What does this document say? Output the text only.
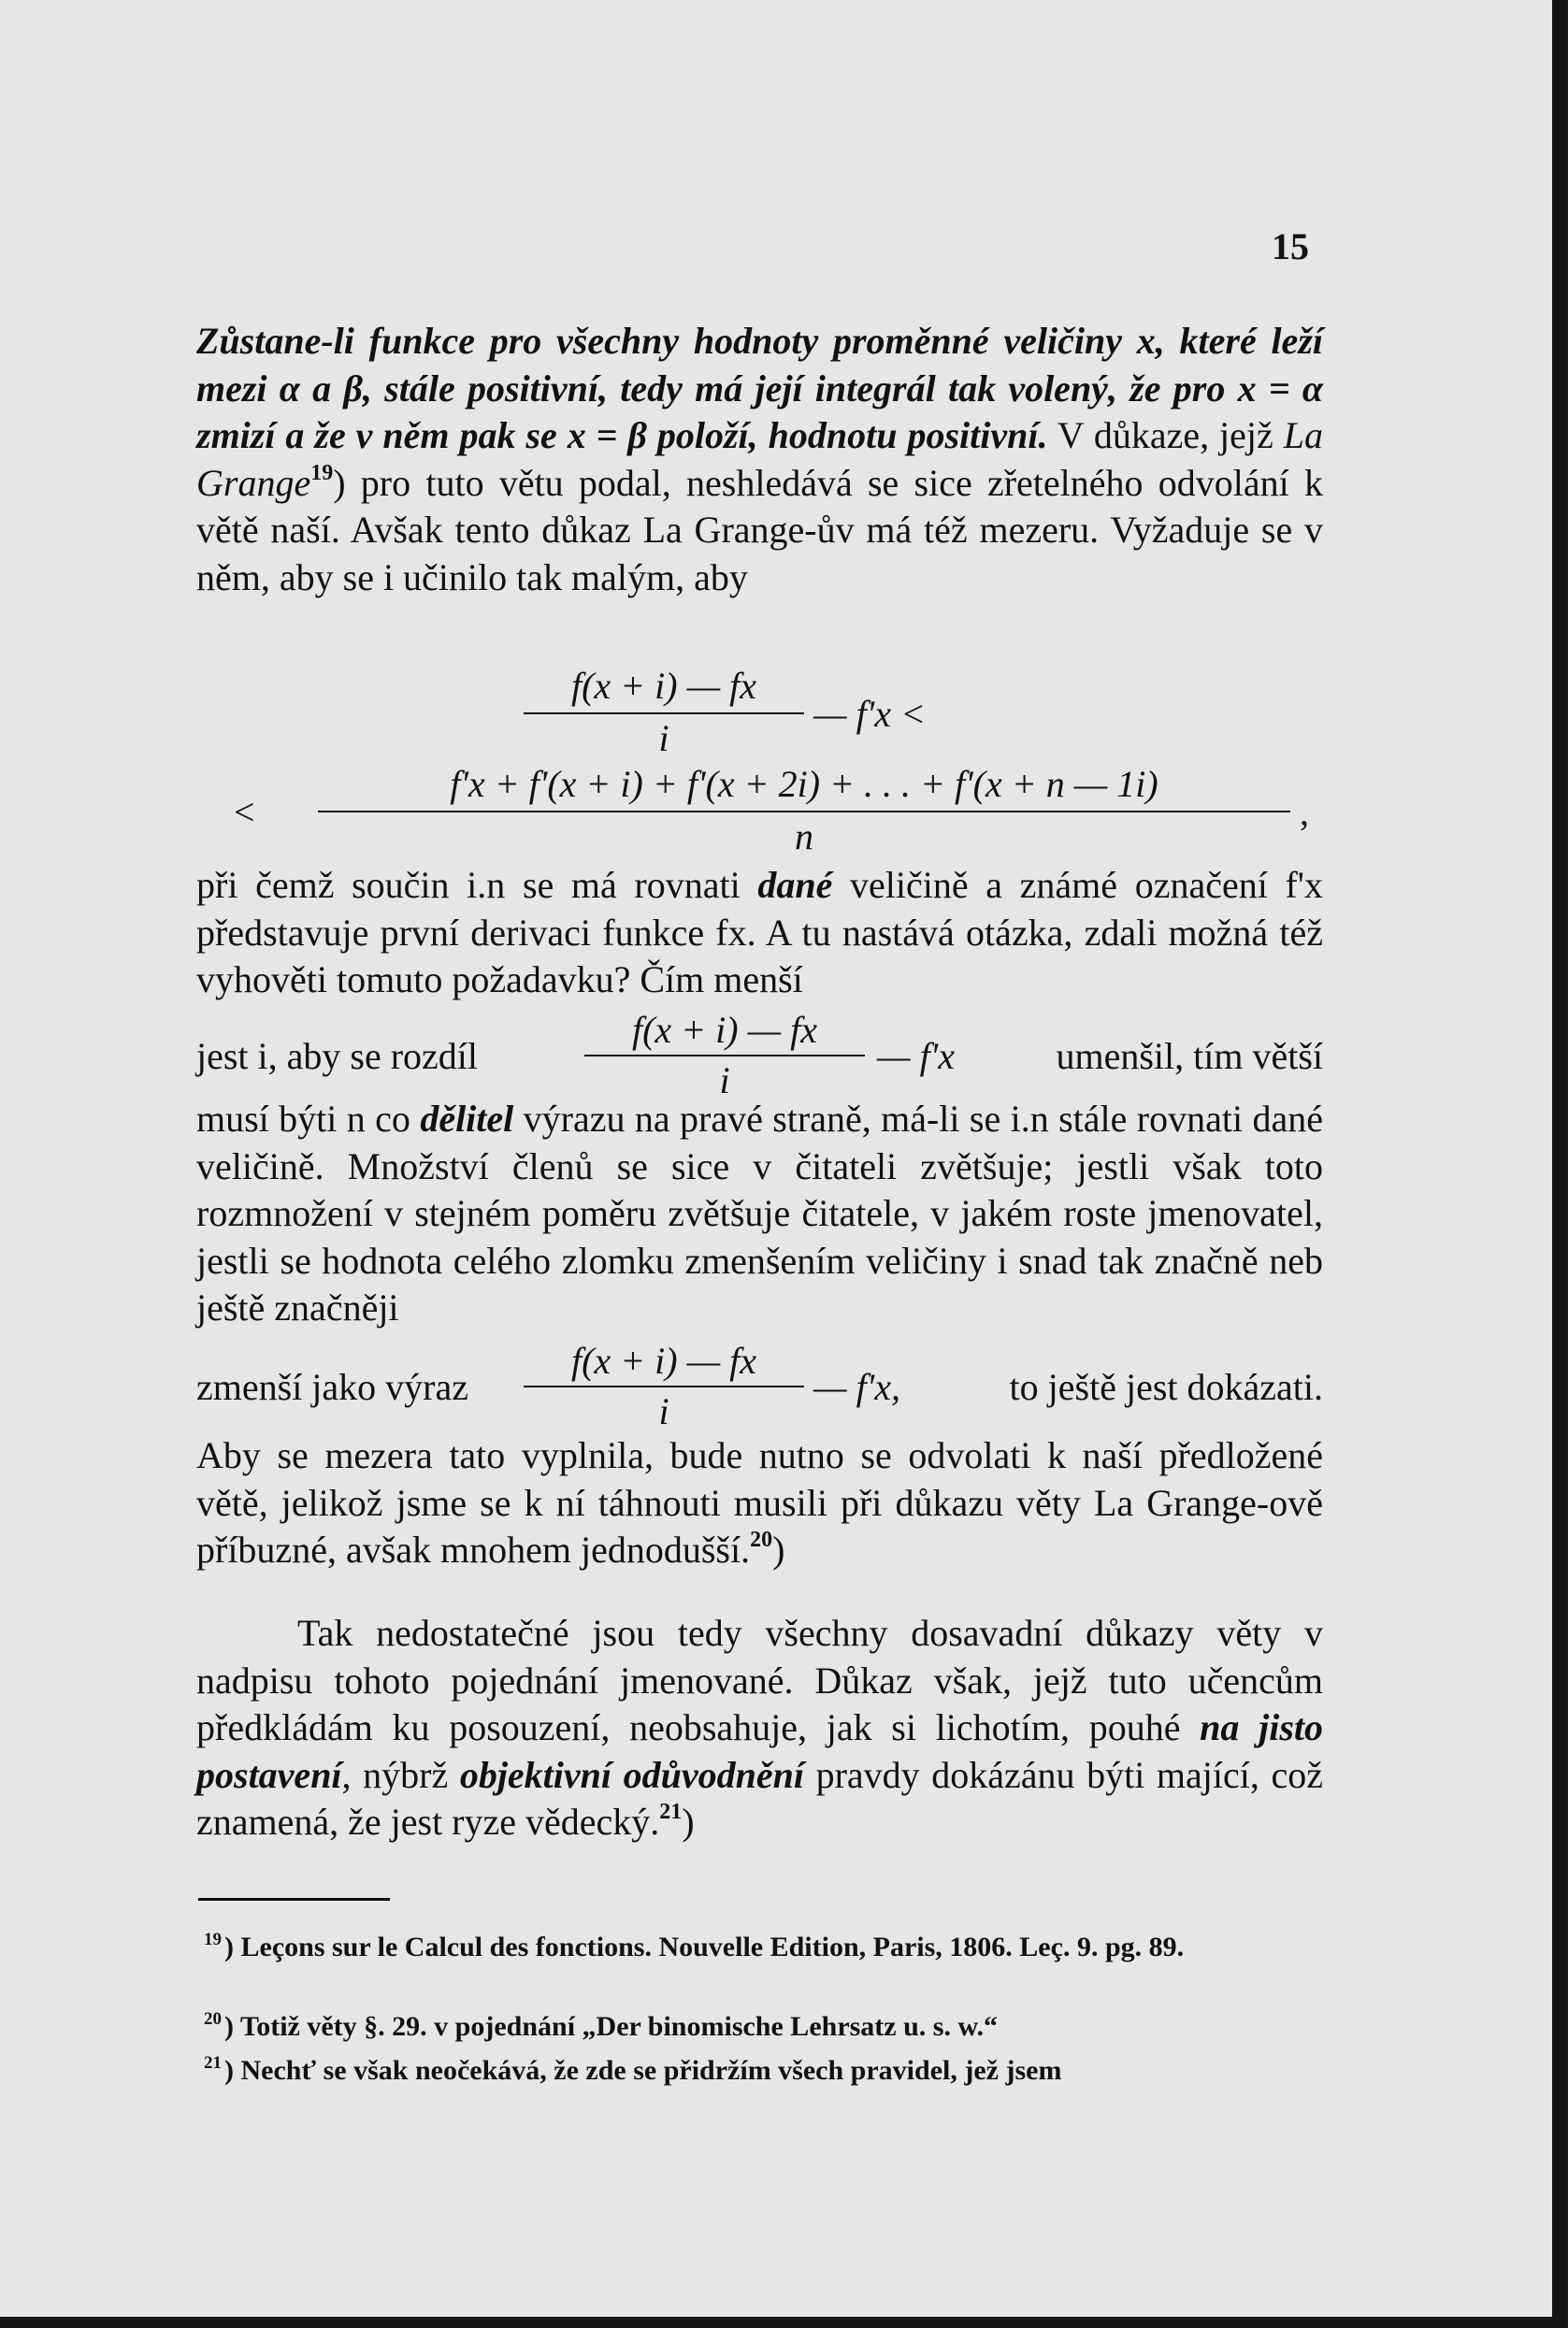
15

Zůstane-li funkce pro všechny hodnoty proměnné veličiny x, které leží mezi α a β, stále positivní, tedy má její integrál tak volený, že pro x = α zmizí a že v něm pak se x = β položí, hodnotu positivní. V důkaze, jejž La Grange$^{19}$) pro tuto větu podal, neshledává se sice zřetelného odvolání k větě naší. Avšak tento důkaz La Grange-ův má též mezeru. Vyžaduje se v něm, aby se i učinilo tak malým, aby

f(x + i) — fx
i
— f'x <
<
f'x + f'(x + i) + f'(x + 2i) + . . . + f'(x + n — 1i)
n
,

při čemž součin i.n se má rovnati dané veličině a známé označení f'x představuje první derivaci funkce fx. A tu nastává otázka, zdali možná též vyhověti tomuto požadavku? Čím menší

jest i, aby se rozdíl
f(x + i) — fx
i
— f'x	umenšil, tím větší

musí býti n co dělitel výrazu na pravé straně, má-li se i.n stále rovnati dané veličině. Množství členů se sice v čitateli zvětšuje; jestli však toto rozmnožení v stejném poměru zvětšuje čitatele, v jakém roste jmenovatel, jestli se hodnota celého zlomku zmenšením veličiny i snad tak značně neb ještě značněji

zmenší jako výraz
f(x + i) — fx
i
— f'x,	to ještě jest dokázati.

Aby se mezera tato vyplnila, bude nutno se odvolati k naší předložené větě, jelikož jsme se k ní táhnouti musili při důkazu věty La Grange-ově příbuzné, avšak mnohem jednodušší.$^{20}$)

Tak nedostatečné jsou tedy všechny dosavadní důkazy věty v nadpisu tohoto pojednání jmenované. Důkaz však, jejž tuto učencům předkládám ku posouzení, neobsahuje, jak si lichotím, pouhé na jisto postavení, nýbrž objektivní odůvodnění pravdy dokázánu býti mající, což znamená, že jest ryze vědecký.$^{21}$)

$^{19}$ ) Leçons sur le Calcul des fonctions. Nouvelle Edition, Paris, 1806. Leç. 9. pg. 89.
$^{20}$ ) Totiž věty §. 29. v pojednání „Der binomische Lehrsatz u. s. w.“
$^{21}$ ) Nechť se však neočekává, že zde se přidržím všech pravidel, jež jsem
